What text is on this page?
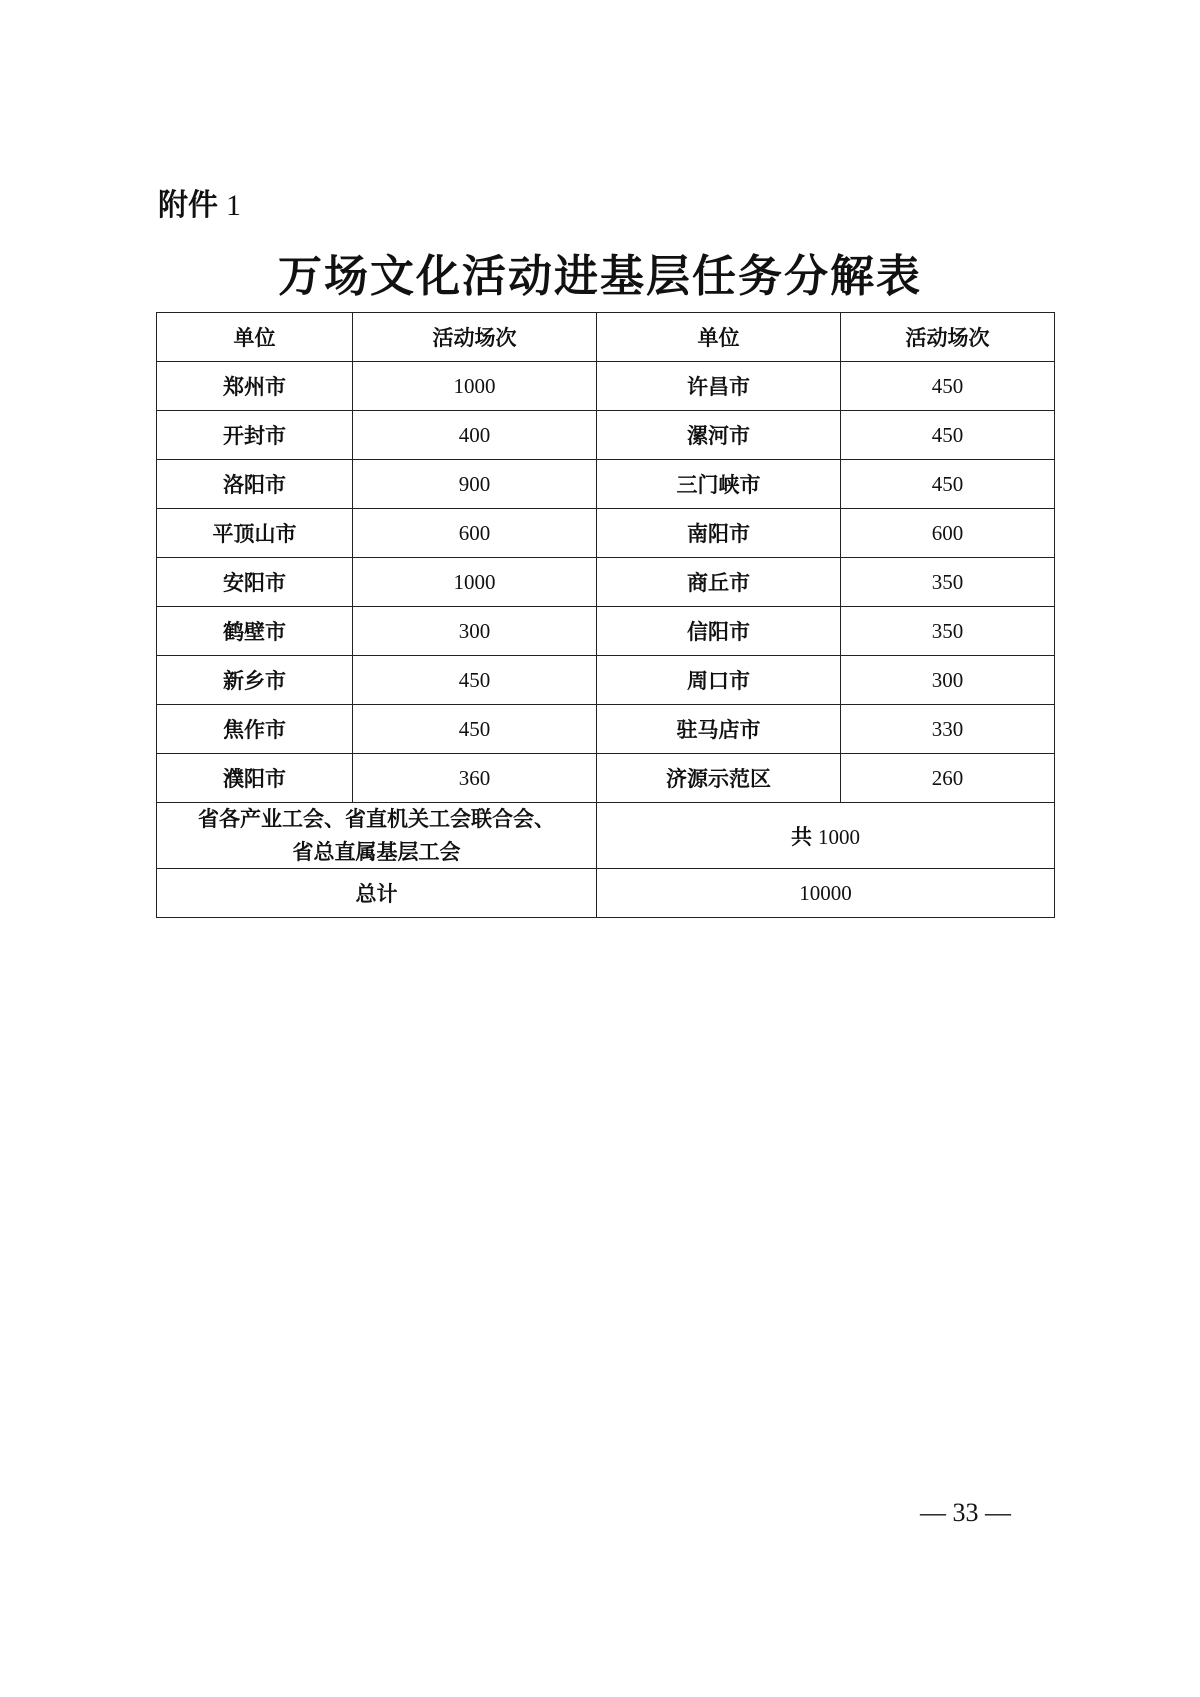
附件 1
万场文化活动进基层任务分解表
单位	活动场次	单位	活动场次
郑州市	1000	许昌市	450
开封市	400	漯河市	450
洛阳市	900	三门峡市	450
平顶山市	600	南阳市	600
安阳市	1000	商丘市	350
鹤壁市	300	信阳市	350
新乡市	450	周口市	300
焦作市	450	驻马店市	330
濮阳市	360	济源示范区	260

省各产业工会、省直机关工会联合会、
省总直属基层工会		共 1000	
总计		10000	
— 33 —
